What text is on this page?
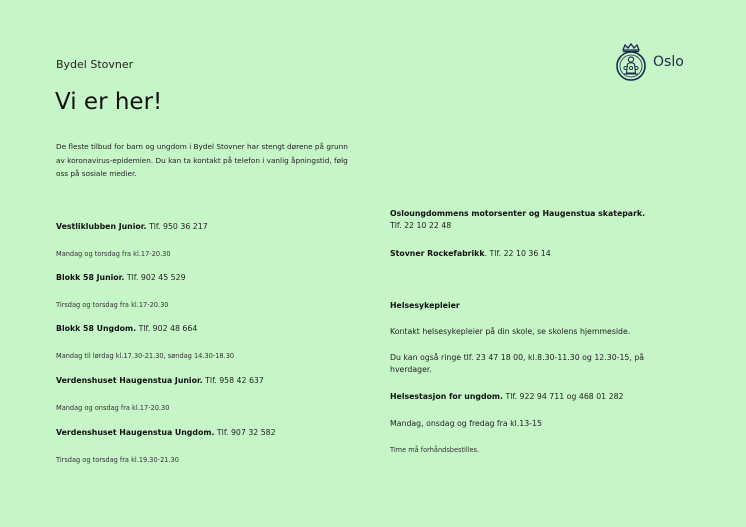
Bydel Stovner
Vi er her!

De fleste tilbud for barn og ungdom i Bydel Stovner har stengt dørene på grunn av koronavirus-epidemien. Du kan ta kontakt på telefon i vanlig åpningstid, følg oss på sosiale medier.

Oslo
Vestliklubben Junior. Tlf. 950 36 217
Mandag og torsdag fra kl.17-20.30
Blokk 58 Junior. Tlf. 902 45 529
Tirsdag og torsdag fra kl.17-20.30
Blokk 58 Ungdom. Tlf. 902 48 664
Mandag til lørdag kl.17.30-21.30, søndag 14.30-18.30
Verdenshuset Haugenstua Junior. Tlf. 958 42 637
Mandag og onsdag fra kl.17-20.30
Verdenshuset Haugenstua Ungdom. Tlf. 907 32 582
Tirsdag og torsdag fra kl.19.30-21.30
Osloungdommens motorsenter og Haugenstua skatepark.
Tlf. 22 10 22 48
Stovner Rockefabrikk. Tlf. 22 10 36 14
Helsesykepleier
Kontakt helsesykepleier på din skole, se skolens hjemmeside.
Du kan også ringe tlf. 23 47 18 00, kl.8.30-11.30 og 12.30-15, på hverdager.
Helsestasjon for ungdom. Tlf. 922 94 711 og 468 01 282
Mandag, onsdag og fredag fra kl.13-15
Time må forhåndsbestilles.
